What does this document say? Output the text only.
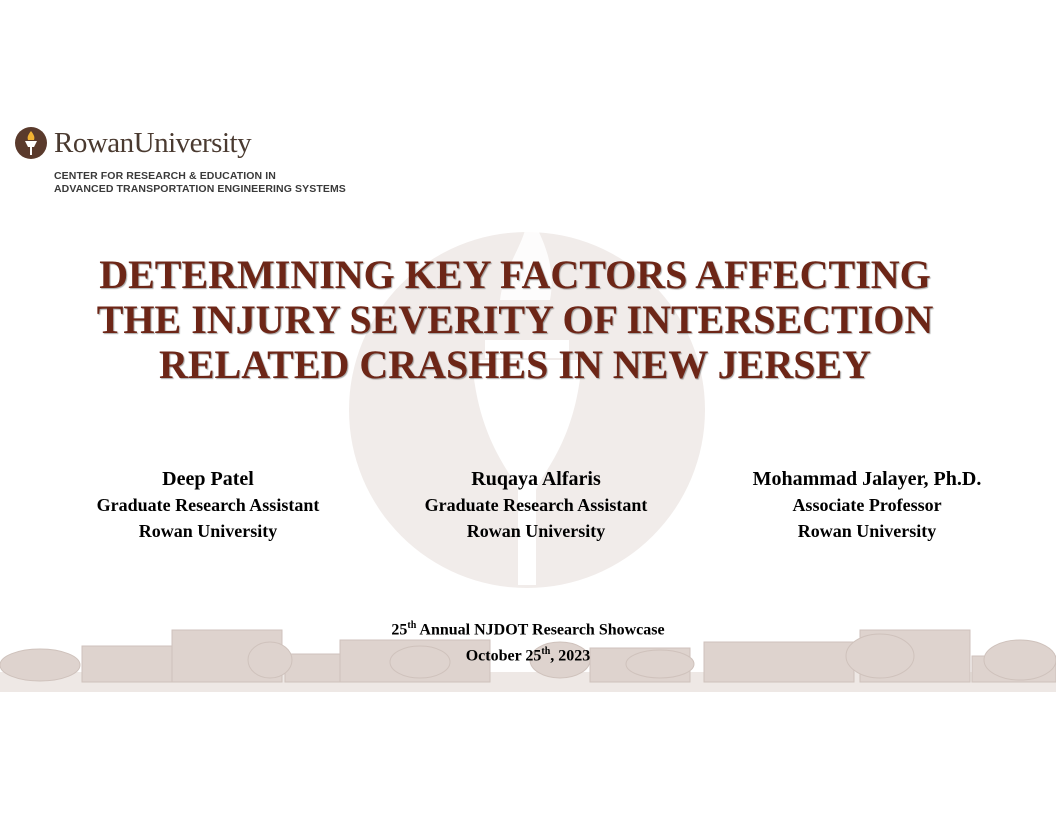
RowanUniversity
CENTER FOR RESEARCH & EDUCATION IN
ADVANCED TRANSPORTATION ENGINEERING SYSTEMS
DETERMINING KEY FACTORS AFFECTING
THE INJURY SEVERITY OF INTERSECTION
RELATED CRASHES IN NEW JERSEY
Deep Patel
Graduate Research Assistant
Rowan University
Ruqaya Alfaris
Graduate Research Assistant
Rowan University
Mohammad Jalayer, Ph.D.
Associate Professor
Rowan University
25th Annual NJDOT Research Showcase
October 25th, 2023
